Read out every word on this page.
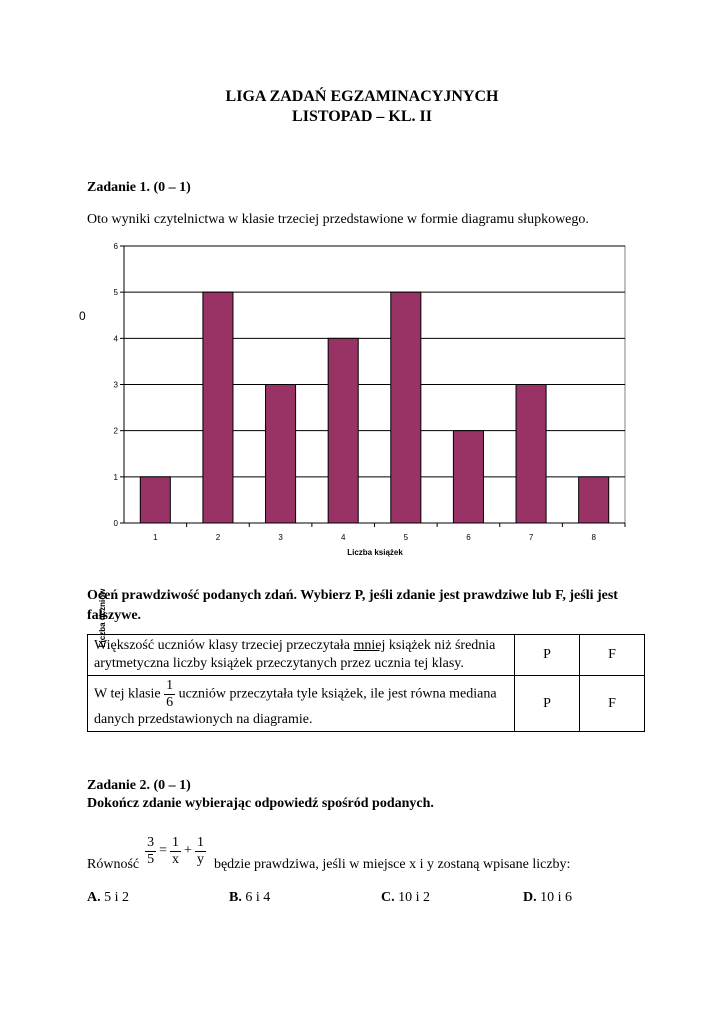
LIGA ZADAŃ EGZAMINACYJNYCH
LISTOPAD – KL. II
Zadanie 1. (0 – 1)
Oto wyniki czytelnictwa w klasie trzeciej przedstawione w formie diagramu słupkowego.
0
0
1
2
3
4
5
6
1	2	3	4	5	6	7	8
Liczba książek
Liczba uczniów
Oceń prawdziwość podanych zdań. Wybierz P, jeśli zdanie jest prawdziwe lub F, jeśli jest fałszywe.
Większość uczniów klasy trzeciej przeczytała mniej książek niż średnia arytmetyczna liczby książek przeczytanych przez ucznia tej klasy.	P	F
W tej klasie $\frac{1}{6}$ uczniów przeczytała tyle książek, ile jest równa mediana danych przedstawionych na diagramie.	P	F
Zadanie 2. (0 – 1)
Dokończ zdanie wybierając odpowiedź spośród podanych.
Równość $\frac{3}{5} = \frac{1}{x} + \frac{1}{y}$ będzie prawdziwa, jeśli w miejsce x i y zostaną wpisane liczby:
A. 5 i 2	B. 6 i 4	C. 10 i 2	D. 10 i 6
